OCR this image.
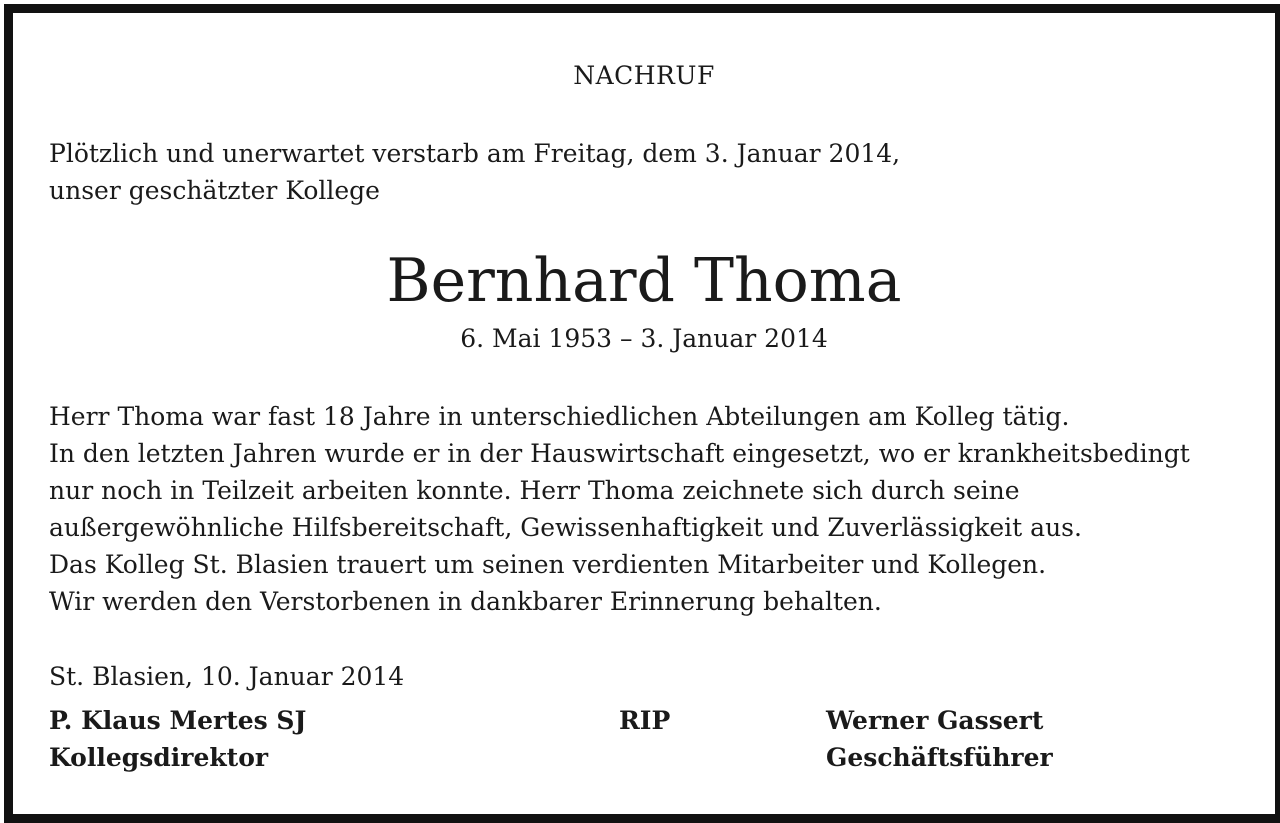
NACHRUF
Plötzlich und unerwartet verstarb am Freitag, dem 3. Januar 2014,
unser geschätzter Kollege
Bernhard Thoma
6. Mai 1953 – 3. Januar 2014
Herr Thoma war fast 18 Jahre in unterschiedlichen Abteilungen am Kolleg tätig.
In den letzten Jahren wurde er in der Hauswirtschaft eingesetzt, wo er krankheitsbedingt
nur noch in Teilzeit arbeiten konnte. Herr Thoma zeichnete sich durch seine
außergewöhnliche Hilfsbereitschaft, Gewissenhaftigkeit und Zuverlässigkeit aus.
Das Kolleg St. Blasien trauert um seinen verdienten Mitarbeiter und Kollegen.
Wir werden den Verstorbenen in dankbarer Erinnerung behalten.
St. Blasien, 10. Januar 2014
P. Klaus Mertes SJ
Kollegsdirektor
RIP	Werner Gassert
Geschäftsführer
